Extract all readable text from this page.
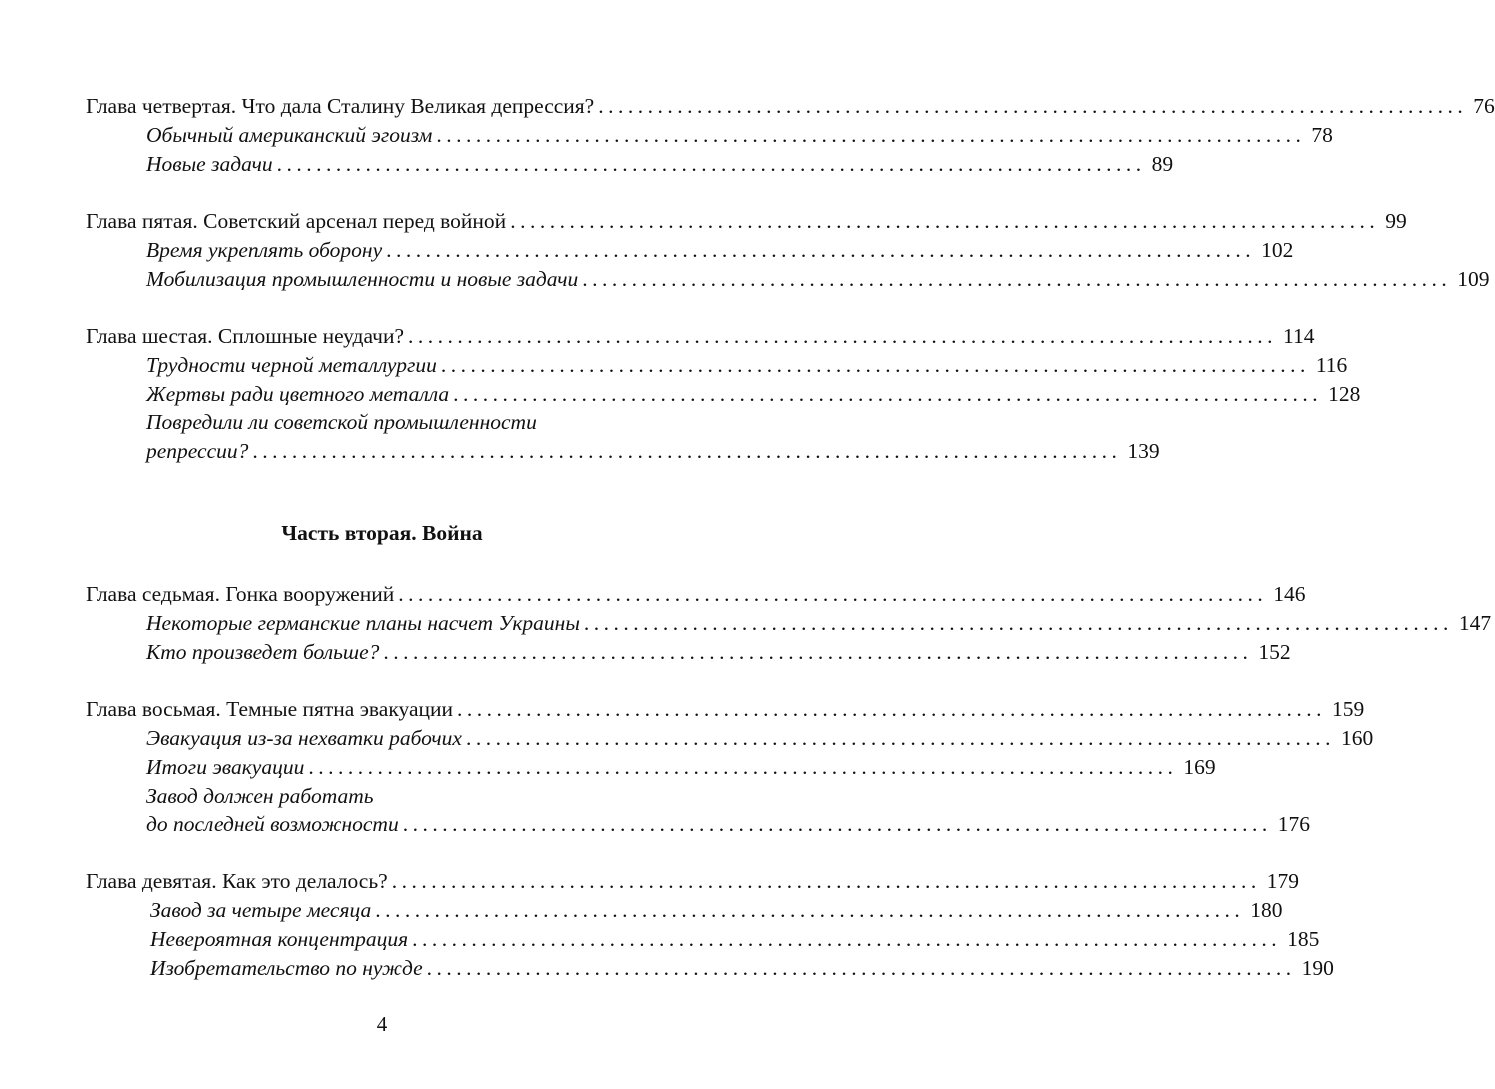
Глава четвертая. Что дала Сталину Великая депрессия? ........................................................................................ 76
Обычный американский эгоизм ........................................................................................ 78
Новые задачи ........................................................................................ 89
Глава пятая. Советский арсенал перед войной ........................................................................................ 99
Время укреплять оборону ........................................................................................ 102
Мобилизация промышленности и новые задачи ........................................................................................ 109
Глава шестая. Сплошные неудачи? ........................................................................................ 114
Трудности черной металлургии ........................................................................................ 116
Жертвы ради цветного металла ........................................................................................ 128
Повредили ли советской промышленности
репрессии? ........................................................................................ 139
Часть вторая. Война
Глава седьмая. Гонка вооружений ........................................................................................ 146
Некоторые германские планы насчет Украины ........................................................................................ 147
Кто произведет больше? ........................................................................................ 152
Глава восьмая. Темные пятна эвакуации ........................................................................................ 159
Эвакуация из-за нехватки рабочих ........................................................................................ 160
Итоги эвакуации ........................................................................................ 169
Завод должен работать
до последней возможности ........................................................................................ 176
Глава девятая. Как это делалось? ........................................................................................ 179
Завод за четыре месяца ........................................................................................ 180
Невероятная концентрация ........................................................................................ 185
Изобретательство по нужде ........................................................................................ 190
4
